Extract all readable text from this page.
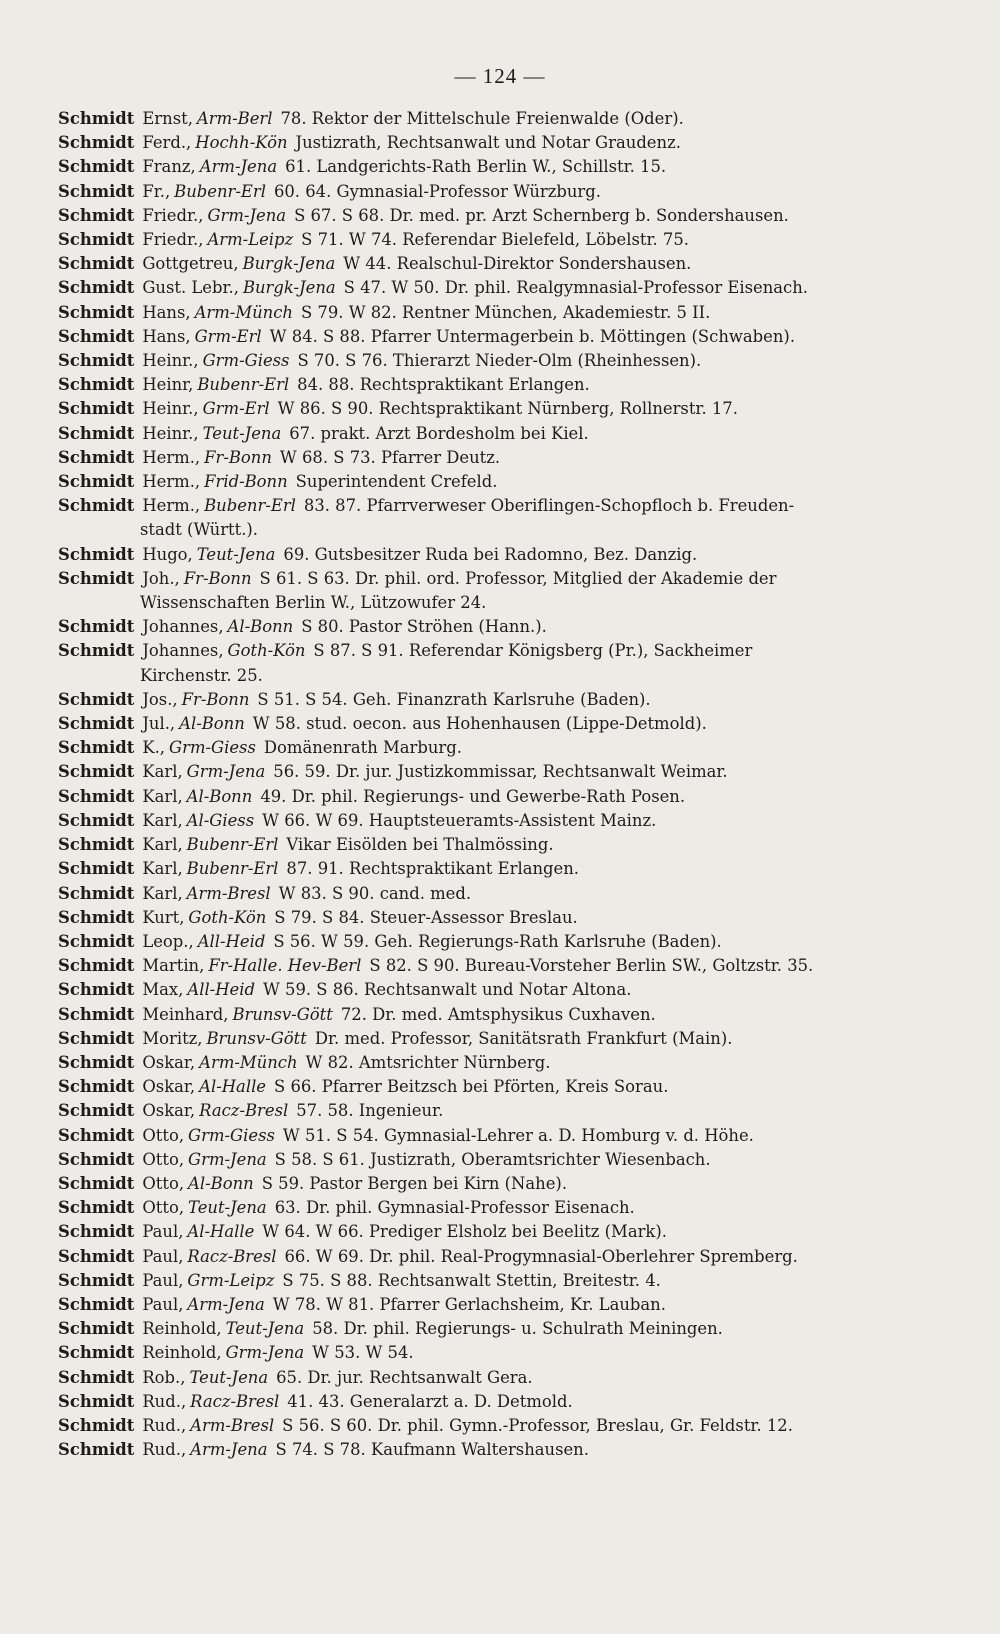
— 124 —
Schmidt Ernst, Arm-Berl 78. Rektor der Mittelschule Freienwalde (Oder).
Schmidt Ferd., Hochh-Kön Justizrath, Rechtsanwalt und Notar Graudenz.
Schmidt Franz, Arm-Jena 61. Landgerichts-Rath Berlin W., Schillstr. 15.
Schmidt Fr., Bubenr-Erl 60. 64. Gymnasial-Professor Würzburg.
Schmidt Friedr., Grm-Jena S 67. S 68. Dr. med. pr. Arzt Schernberg b. Sondershausen.
Schmidt Friedr., Arm-Leipz S 71. W 74. Referendar Bielefeld, Löbelstr. 75.
Schmidt Gottgetreu, Burgk-Jena W 44. Realschul-Direktor Sondershausen.
Schmidt Gust. Lebr., Burgk-Jena S 47. W 50. Dr. phil. Realgymnasial-Professor Eisenach.
Schmidt Hans, Arm-Münch S 79. W 82. Rentner München, Akademiestr. 5 II.
Schmidt Hans, Grm-Erl W 84. S 88. Pfarrer Untermagerbein b. Möttingen (Schwaben).
Schmidt Heinr., Grm-Giess S 70. S 76. Thierarzt Nieder-Olm (Rheinhessen).
Schmidt Heinr, Bubenr-Erl 84. 88. Rechtspraktikant Erlangen.
Schmidt Heinr., Grm-Erl W 86. S 90. Rechtspraktikant Nürnberg, Rollnerstr. 17.
Schmidt Heinr., Teut-Jena 67. prakt. Arzt Bordesholm bei Kiel.
Schmidt Herm., Fr-Bonn W 68. S 73. Pfarrer Deutz.
Schmidt Herm., Frid-Bonn Superintendent Crefeld.
Schmidt Herm., Bubenr-Erl 83. 87. Pfarrverweser Oberiflingen-Schopfloch b. Freuden-
stadt (Württ.).
Schmidt Hugo, Teut-Jena 69. Gutsbesitzer Ruda bei Radomno, Bez. Danzig.
Schmidt Joh., Fr-Bonn S 61. S 63. Dr. phil. ord. Professor, Mitglied der Akademie der
Wissenschaften Berlin W., Lützowufer 24.
Schmidt Johannes, Al-Bonn S 80. Pastor Ströhen (Hann.).
Schmidt Johannes, Goth-Kön S 87. S 91. Referendar Königsberg (Pr.), Sackheimer
Kirchenstr. 25.
Schmidt Jos., Fr-Bonn S 51. S 54. Geh. Finanzrath Karlsruhe (Baden).
Schmidt Jul., Al-Bonn W 58. stud. oecon. aus Hohenhausen (Lippe-Detmold).
Schmidt K., Grm-Giess Domänenrath Marburg.
Schmidt Karl, Grm-Jena 56. 59. Dr. jur. Justizkommissar, Rechtsanwalt Weimar.
Schmidt Karl, Al-Bonn 49. Dr. phil. Regierungs- und Gewerbe-Rath Posen.
Schmidt Karl, Al-Giess W 66. W 69. Hauptsteueramts-Assistent Mainz.
Schmidt Karl, Bubenr-Erl Vikar Eisölden bei Thalmössing.
Schmidt Karl, Bubenr-Erl 87. 91. Rechtspraktikant Erlangen.
Schmidt Karl, Arm-Bresl W 83. S 90. cand. med.
Schmidt Kurt, Goth-Kön S 79. S 84. Steuer-Assessor Breslau.
Schmidt Leop., All-Heid S 56. W 59. Geh. Regierungs-Rath Karlsruhe (Baden).
Schmidt Martin, Fr-Halle. Hev-Berl S 82. S 90. Bureau-Vorsteher Berlin SW., Goltzstr. 35.
Schmidt Max, All-Heid W 59. S 86. Rechtsanwalt und Notar Altona.
Schmidt Meinhard, Brunsv-Gött 72. Dr. med. Amtsphysikus Cuxhaven.
Schmidt Moritz, Brunsv-Gött Dr. med. Professor, Sanitätsrath Frankfurt (Main).
Schmidt Oskar, Arm-Münch W 82. Amtsrichter Nürnberg.
Schmidt Oskar, Al-Halle S 66. Pfarrer Beitzsch bei Pförten, Kreis Sorau.
Schmidt Oskar, Racz-Bresl 57. 58. Ingenieur.
Schmidt Otto, Grm-Giess W 51. S 54. Gymnasial-Lehrer a. D. Homburg v. d. Höhe.
Schmidt Otto, Grm-Jena S 58. S 61. Justizrath, Oberamtsrichter Wiesenbach.
Schmidt Otto, Al-Bonn S 59. Pastor Bergen bei Kirn (Nahe).
Schmidt Otto, Teut-Jena 63. Dr. phil. Gymnasial-Professor Eisenach.
Schmidt Paul, Al-Halle W 64. W 66. Prediger Elsholz bei Beelitz (Mark).
Schmidt Paul, Racz-Bresl 66. W 69. Dr. phil. Real-Progymnasial-Oberlehrer Spremberg.
Schmidt Paul, Grm-Leipz S 75. S 88. Rechtsanwalt Stettin, Breitestr. 4.
Schmidt Paul, Arm-Jena W 78. W 81. Pfarrer Gerlachsheim, Kr. Lauban.
Schmidt Reinhold, Teut-Jena 58. Dr. phil. Regierungs- u. Schulrath Meiningen.
Schmidt Reinhold, Grm-Jena W 53. W 54.
Schmidt Rob., Teut-Jena 65. Dr. jur. Rechtsanwalt Gera.
Schmidt Rud., Racz-Bresl 41. 43. Generalarzt a. D. Detmold.
Schmidt Rud., Arm-Bresl S 56. S 60. Dr. phil. Gymn.-Professor, Breslau, Gr. Feldstr. 12.
Schmidt Rud., Arm-Jena S 74. S 78. Kaufmann Waltershausen.
